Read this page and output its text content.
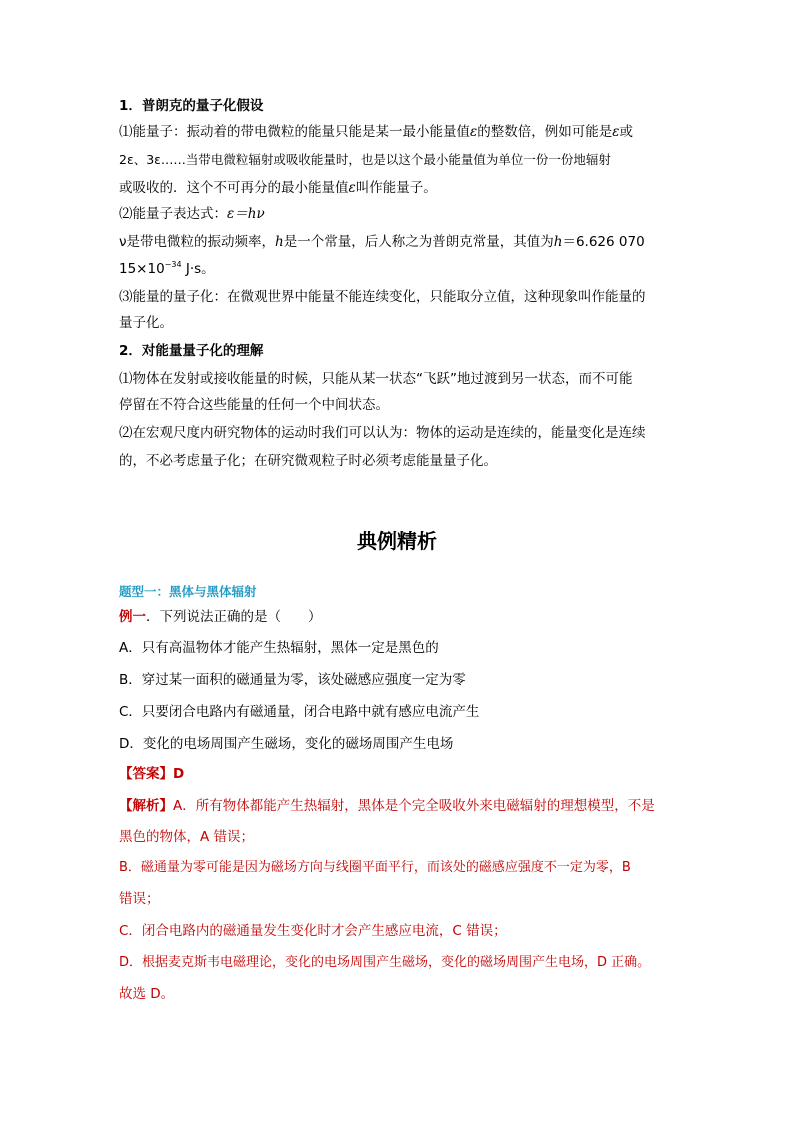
1．普朗克的量子化假设
⑴能量子：振动着的带电微粒的能量只能是某一最小能量值ε的整数倍，例如可能是ε或
2ε、3ε……当带电微粒辐射或吸收能量时，也是以这个最小能量值为单位一份一份地辐射
或吸收的．这个不可再分的最小能量值ε叫作能量子。
⑵能量子表达式：ε＝hν
ν是带电微粒的振动频率，h是一个常量，后人称之为普朗克常量，其值为h＝6.626 070
$15\times 10^{-34}$ J·s。
⑶能量的量子化：在微观世界中能量不能连续变化，只能取分立值，这种现象叫作能量的
量子化。
2．对能量量子化的理解
⑴物体在发射或接收能量的时候，只能从某一状态“飞跃”地过渡到另一状态，而不可能
停留在不符合这些能量的任何一个中间状态。
⑵在宏观尺度内研究物体的运动时我们可以认为：物体的运动是连续的，能量变化是连续
的，不必考虑量子化；在研究微观粒子时必须考虑能量量子化。
典例精析
题型一：黑体与黑体辐射
例一．下列说法正确的是（　　）
A．只有高温物体才能产生热辐射，黑体一定是黑色的
B．穿过某一面积的磁通量为零，该处磁感应强度一定为零
C．只要闭合电路内有磁通量，闭合电路中就有感应电流产生
D．变化的电场周围产生磁场，变化的磁场周围产生电场
【答案】D
【解析】A．所有物体都能产生热辐射，黑体是个完全吸收外来电磁辐射的理想模型，不是
黑色的物体，A 错误；
B．磁通量为零可能是因为磁场方向与线圈平面平行，而该处的磁感应强度不一定为零，B
错误；
C．闭合电路内的磁通量发生变化时才会产生感应电流，C 错误；
D．根据麦克斯韦电磁理论，变化的电场周围产生磁场，变化的磁场周围产生电场，D 正确。
故选 D。
